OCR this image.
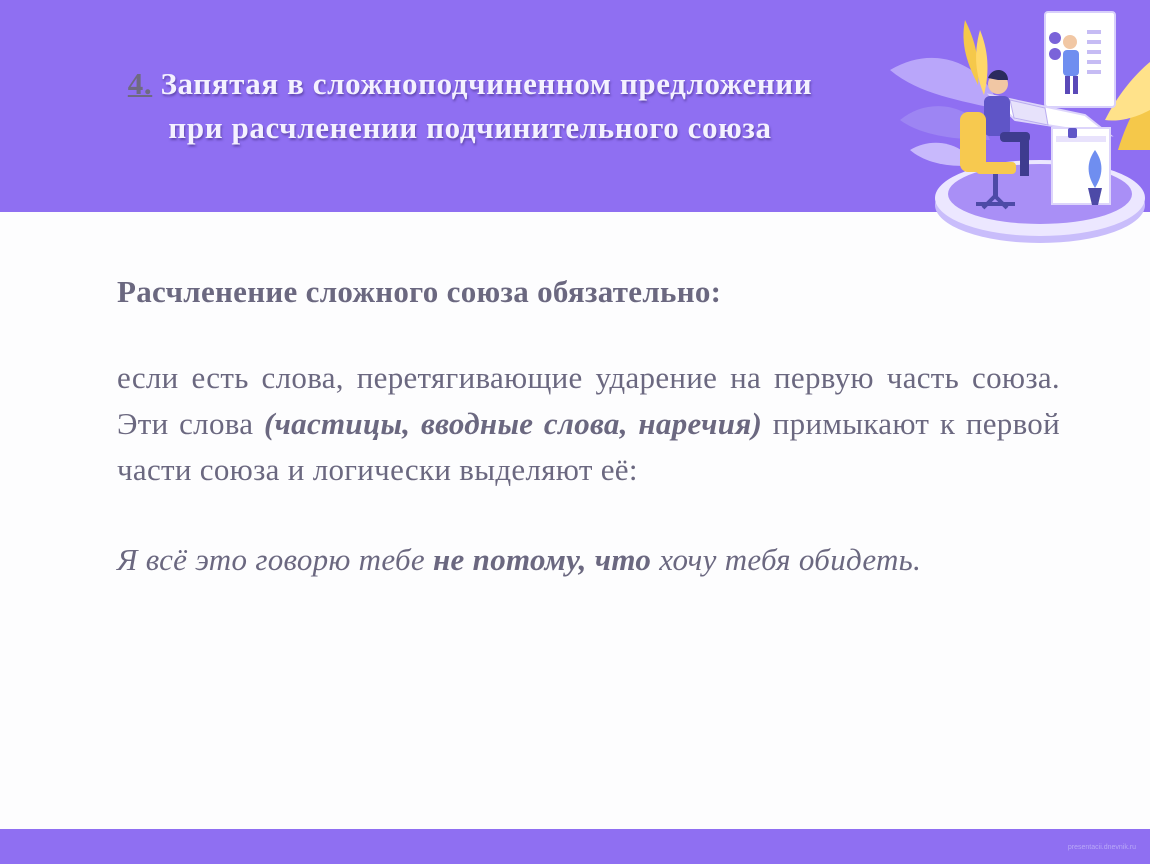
4. Запятая в сложноподчиненном предложении
при расчленении подчинительного союза

Расчленение сложного союза обязательно:

если есть слова, перетягивающие ударение на первую часть союза. Эти слова (частицы, вводные слова, наречия) примыкают к первой части союза и логически выделяют её:

Я всё это говорю тебе не потому, что хочу тебя обидеть.

presentacii.dnevnik.ru
